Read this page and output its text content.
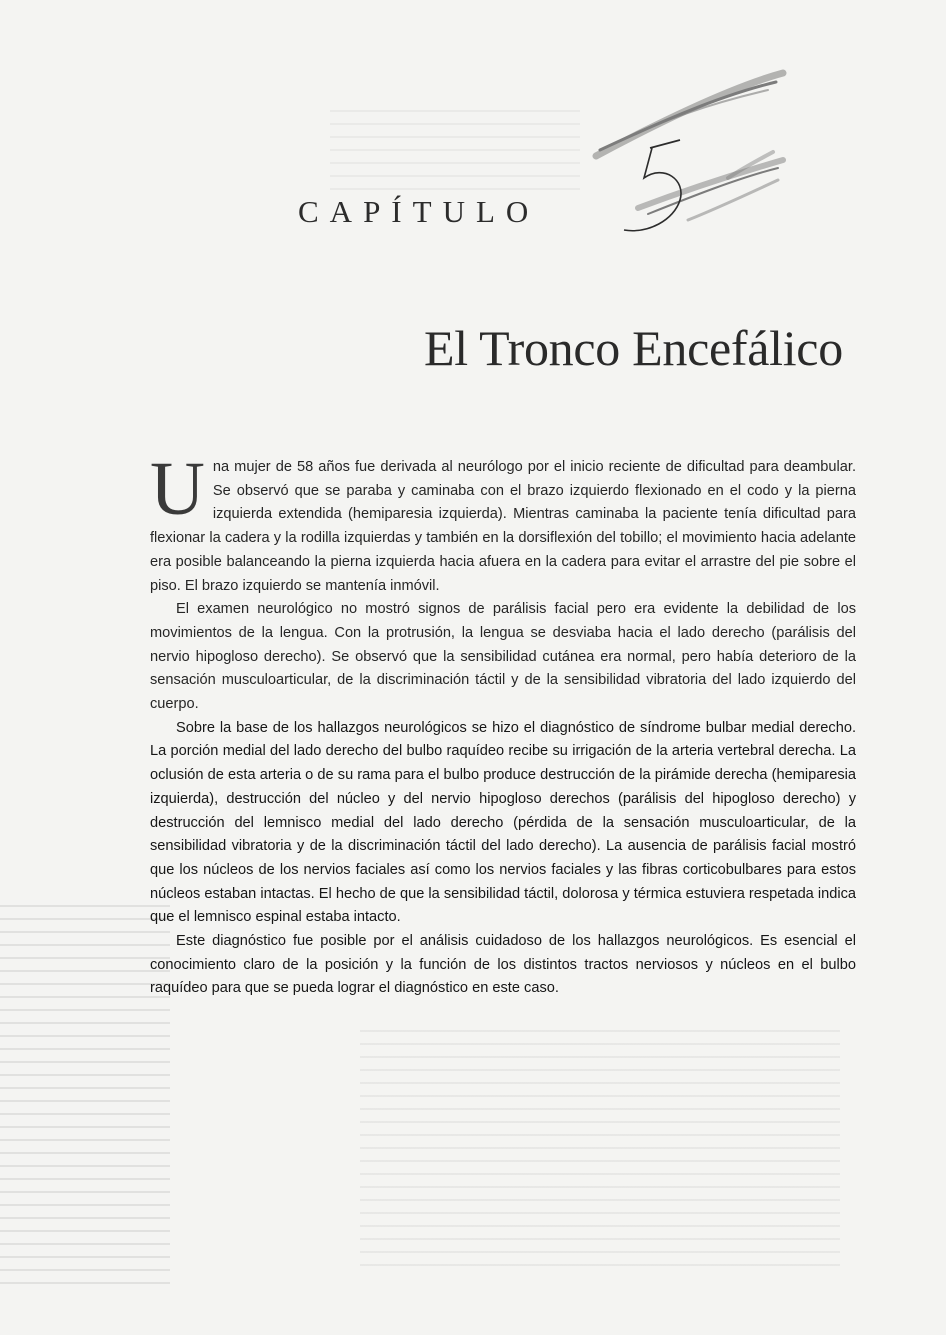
CAPÍTULO
El Tronco Encefálico

Una mujer de 58 años fue derivada al neurólogo por el inicio reciente de dificultad para deambular. Se observó que se paraba y caminaba con el brazo izquierdo flexionado en el codo y la pierna izquierda extendida (hemiparesia izquierda). Mientras caminaba la paciente tenía dificultad para flexionar la cadera y la rodilla izquierdas y también en la dorsiflexión del tobillo; el movimiento hacia adelante era posible balanceando la pierna izquierda hacia afuera en la cadera para evitar el arrastre del pie sobre el piso. El brazo izquierdo se mantenía inmóvil.

El examen neurológico no mostró signos de parálisis facial pero era evidente la debilidad de los movimientos de la lengua. Con la protrusión, la lengua se desviaba hacia el lado derecho (parálisis del nervio hipogloso derecho). Se observó que la sensibilidad cutánea era normal, pero había deterioro de la sensación musculoarticular, de la discriminación táctil y de la sensibilidad vibratoria del lado izquierdo del cuerpo.

Sobre la base de los hallazgos neurológicos se hizo el diagnóstico de síndrome bulbar medial derecho. La porción medial del lado derecho del bulbo raquídeo recibe su irrigación de la arteria vertebral derecha. La oclusión de esta arteria o de su rama para el bulbo produce destrucción de la pirámide derecha (hemiparesia izquierda), destrucción del núcleo y del nervio hipogloso derechos (parálisis del hipogloso derecho) y destrucción del lemnisco medial del lado derecho (pérdida de la sensación musculoarticular, de la sensibilidad vibratoria y de la discriminación táctil del lado derecho). La ausencia de parálisis facial mostró que los núcleos de los nervios faciales así como los nervios faciales y las fibras corticobulbares para estos núcleos estaban intactas. El hecho de que la sensibilidad táctil, dolorosa y térmica estuviera respetada indica que el lemnisco espinal estaba intacto.

Este diagnóstico fue posible por el análisis cuidadoso de los hallazgos neurológicos. Es esencial el conocimiento claro de la posición y la función de los distintos tractos nerviosos y núcleos en el bulbo raquídeo para que se pueda lograr el diagnóstico en este caso.
